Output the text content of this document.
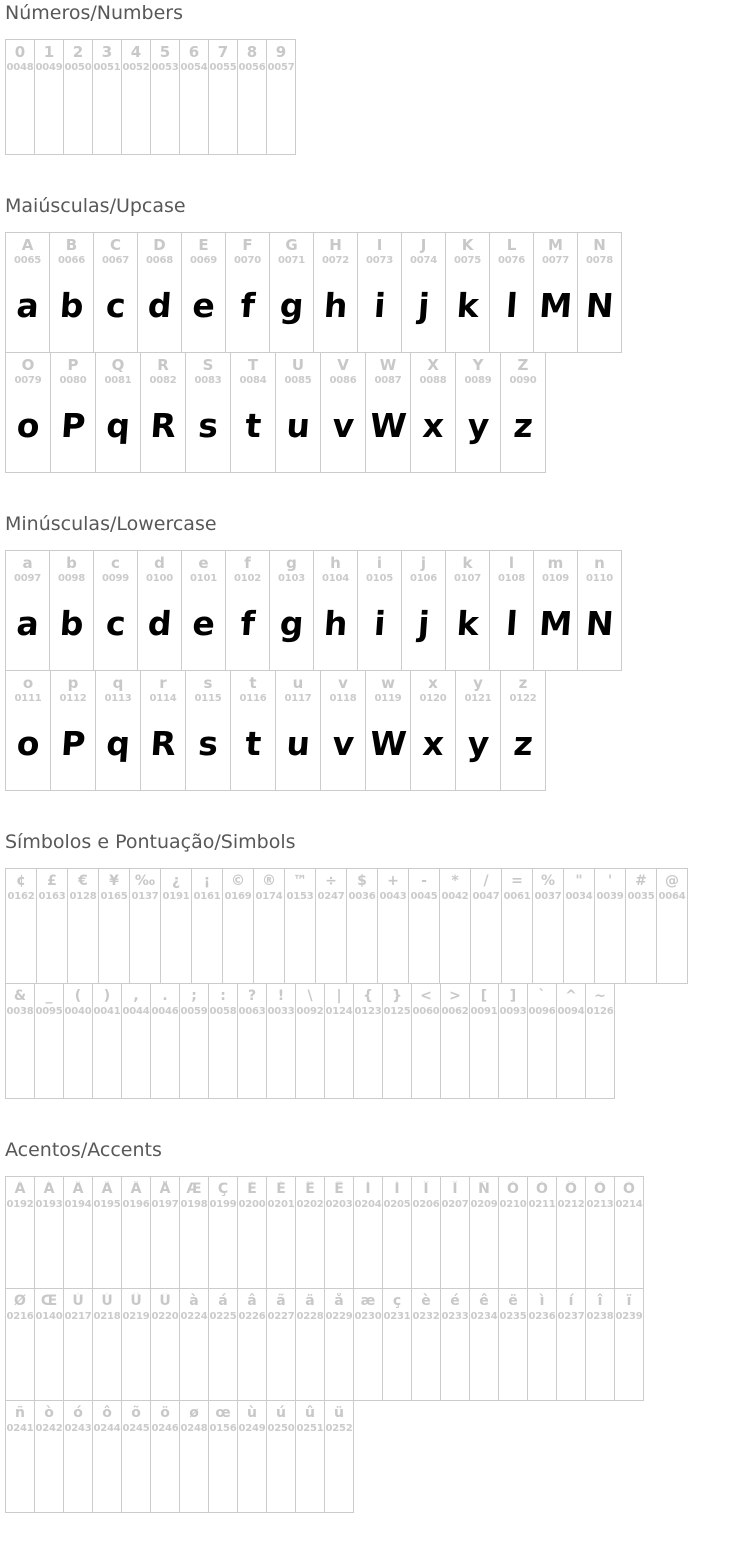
Números/Numbers
0
0048
1
0049
2
0050
3
0051
4
0052
5
0053
6
0054
7
0055
8
0056
9
0057
Maiúsculas/Upcase
A
0065
a
B
0066
b
C
0067
c
D
0068
d
E
0069
e
F
0070
f
G
0071
g
H
0072
h
I
0073
i
J
0074
j
K
0075
k
L
0076
l
M
0077
M
N
0078
N
O
0079
o
P
0080
P
Q
0081
q
R
0082
R
S
0083
s
T
0084
t
U
0085
u
V
0086
v
W
0087
W
X
0088
x
Y
0089
y
Z
0090
z
Minúsculas/Lowercase
a
0097
a
b
0098
b
c
0099
c
d
0100
d
e
0101
e
f
0102
f
g
0103
g
h
0104
h
i
0105
i
j
0106
j
k
0107
k
l
0108
l
m
0109
M
n
0110
N
o
0111
o
p
0112
P
q
0113
q
r
0114
R
s
0115
s
t
0116
t
u
0117
u
v
0118
v
w
0119
W
x
0120
x
y
0121
y
z
0122
z
Símbolos e Pontuação/Simbols
¢
0162
£
0163
€
0128
¥
0165
‰
0137
¿
0191
¡
0161
©
0169
®
0174
™
0153
÷
0247
$
0036
+
0043
-
0045
*
0042
/
0047
=
0061
%
0037
"
0034
'
0039
#
0035
@
0064
&
0038
_
0095
(
0040
)
0041
,
0044
.
0046
;
0059
:
0058
?
0063
!
0033
\
0092
|
0124
{
0123
}
0125
<
0060
>
0062
[
0091
]
0093
`
0096
^
0094
~
0126
Acentos/Accents
À
0192
Á
0193
Â
0194
Ã
0195
Ä
0196
Å
0197
Æ
0198
Ç
0199
È
0200
É
0201
Ê
0202
Ë
0203
Ì
0204
Í
0205
Î
0206
Ï
0207
Ñ
0209
Ò
0210
Ó
0211
Ô
0212
Õ
0213
Ö
0214
Ø
0216
Œ
0140
Ù
0217
Ú
0218
Û
0219
Ü
0220
à
0224
á
0225
â
0226
ã
0227
ä
0228
å
0229
æ
0230
ç
0231
è
0232
é
0233
ê
0234
ë
0235
ì
0236
í
0237
î
0238
ï
0239
ñ
0241
ò
0242
ó
0243
ô
0244
õ
0245
ö
0246
ø
0248
œ
0156
ù
0249
ú
0250
û
0251
ü
0252
